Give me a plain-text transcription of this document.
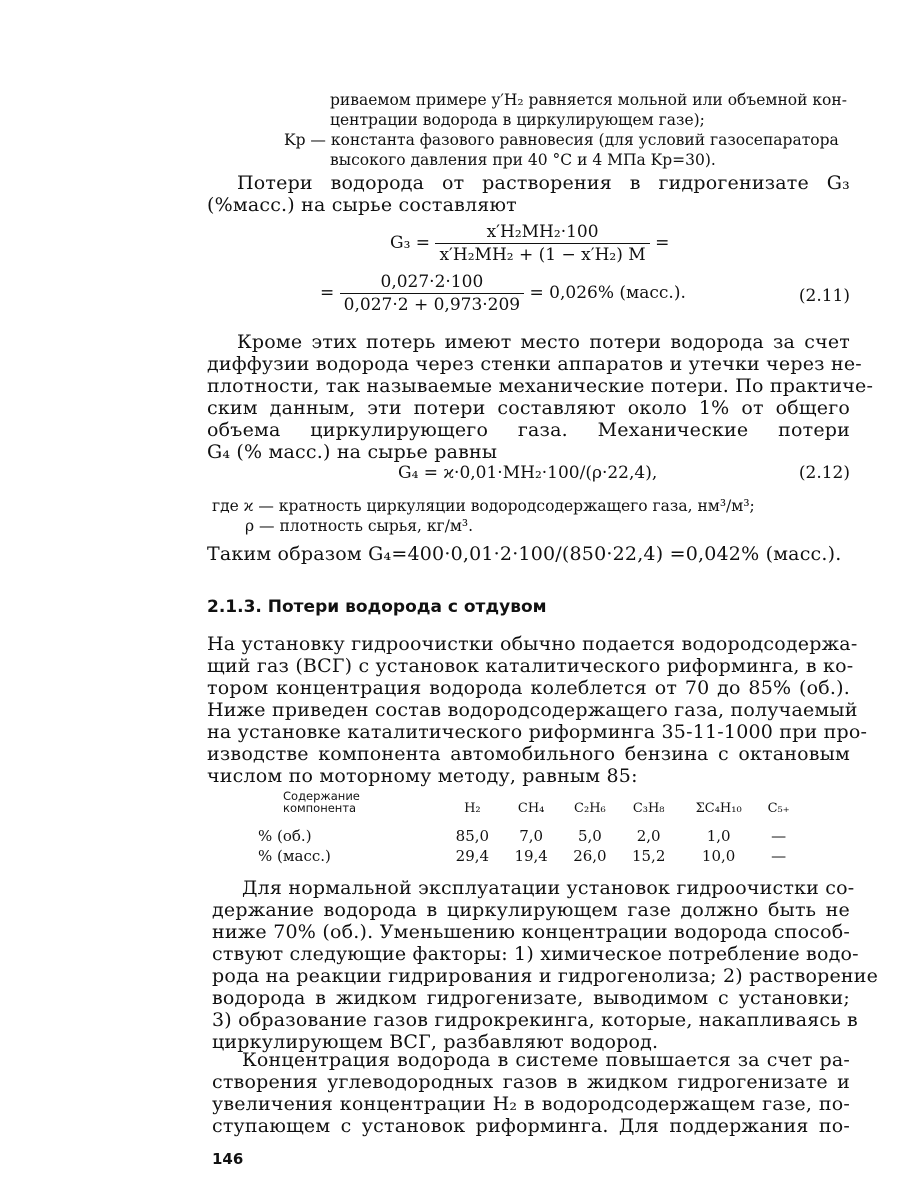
риваемом примере y′H₂ равняется мольной или объемной кон-
центрации водорода в циркулирующем газе);
Kр — константа фазового равновесия (для условий газосепаратора
высокого давления при 40 °C и 4 МПа Kр=30).
Потери водорода от растворения в гидрогенизате G₃
(%масс.) на сырье составляют
$G_3 = \frac{\text{x′H₂MH₂·100}}{\text{x′H₂MH₂ + (1 − x′H₂) M}}$ =
= $\frac{0,027\cdot 2\cdot 100}{0,027\cdot 2 + 0,973\cdot 209} = 0,026\%$ (масс.).	(2.11)
Кроме этих потерь имеют место потери водорода за счет
диффузии водорода через стенки аппаратов и утечки через не-
плотности, так называемые механические потери. По практиче-
ским данным, эти потери составляют около 1% от общего
объема циркулирующего газа. Механические потери
G₄ (% масс.) на сырье равны
G₄ = ϰ·0,01·MH₂·100/(ρ·22,4),	(2.12)
где ϰ — кратность циркуляции водородсодержащего газа, нм³/м³;
ρ — плотность сырья, кг/м³.
Таким образом G₄=400·0,01·2·100/(850·22,4) =0,042% (масс.).
2.1.3. Потери водорода с отдувом
На установку гидроочистки обычно подается водородсодержа-
щий газ (ВСГ) с установок каталитического риформинга, в ко-
тором концентрация водорода колеблется от 70 до 85% (об.).
Ниже приведен состав водородсодержащего газа, получаемый
на установке каталитического риформинга 35-11-1000 при про-
изводстве компонента автомобильного бензина с октановым
числом по моторному методу, равным 85:
Содержание
компонента	H₂	CH₄	C₂H₆	C₃H₈	ΣC₄H₁₀	C₅₊
% (об.)	85,0	7,0	5,0	2,0	1,0	—
% (масс.)	29,4	19,4	26,0	15,2	10,0	—
Для нормальной эксплуатации установок гидроочистки со-
держание водорода в циркулирующем газе должно быть не
ниже 70% (об.). Уменьшению концентрации водорода способ-
ствуют следующие факторы: 1) химическое потребление водо-
рода на реакции гидрирования и гидрогенолиза; 2) растворение
водорода в жидком гидрогенизате, выводимом с установки;
3) образование газов гидрокрекинга, которые, накапливаясь в
циркулирующем ВСГ, разбавляют водород.
Концентрация водорода в системе повышается за счет ра-
створения углеводородных газов в жидком гидрогенизате и
увеличения концентрации H₂ в водородсодержащем газе, по-
ступающем с установок риформинга. Для поддержания по-
146
